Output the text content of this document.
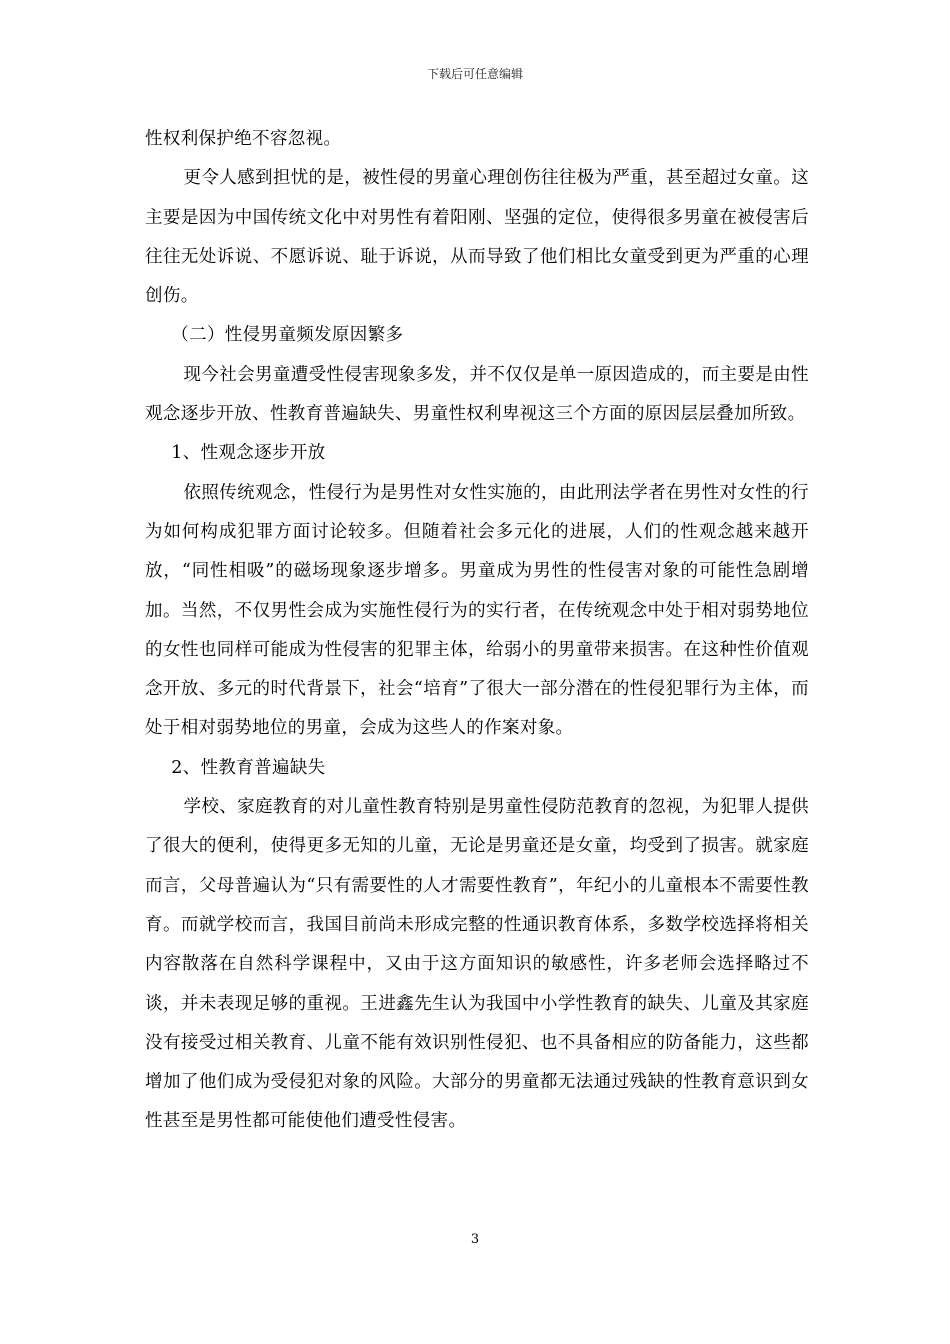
下载后可任意编辑

性权利保护绝不容忽视。

更令人感到担忧的是，被性侵的男童心理创伤往往极为严重，甚至超过女童。这主要是因为中国传统文化中对男性有着阳刚、坚强的定位，使得很多男童在被侵害后往往无处诉说、不愿诉说、耻于诉说，从而导致了他们相比女童受到更为严重的心理创伤。

（二）性侵男童频发原因繁多

现今社会男童遭受性侵害现象多发，并不仅仅是单一原因造成的，而主要是由性观念逐步开放、性教育普遍缺失、男童性权利卑视这三个方面的原因层层叠加所致。

1、性观念逐步开放

依照传统观念，性侵行为是男性对女性实施的，由此刑法学者在男性对女性的行为如何构成犯罪方面讨论较多。但随着社会多元化的进展，人们的性观念越来越开放，“同性相吸”的磁场现象逐步增多。男童成为男性的性侵害对象的可能性急剧增加。当然，不仅男性会成为实施性侵行为的实行者，在传统观念中处于相对弱势地位的女性也同样可能成为性侵害的犯罪主体，给弱小的男童带来损害。在这种性价值观念开放、多元的时代背景下，社会“培育”了很大一部分潜在的性侵犯罪行为主体，而处于相对弱势地位的男童，会成为这些人的作案对象。

2、性教育普遍缺失

学校、家庭教育的对儿童性教育特别是男童性侵防范教育的忽视，为犯罪人提供了很大的便利，使得更多无知的儿童，无论是男童还是女童，均受到了损害。就家庭而言，父母普遍认为“只有需要性的人才需要性教育”，年纪小的儿童根本不需要性教育。而就学校而言，我国目前尚未形成完整的性通识教育体系，多数学校选择将相关内容散落在自然科学课程中，又由于这方面知识的敏感性，许多老师会选择略过不谈，并未表现足够的重视。王进鑫先生认为我国中小学性教育的缺失、儿童及其家庭没有接受过相关教育、儿童不能有效识别性侵犯、也不具备相应的防备能力，这些都增加了他们成为受侵犯对象的风险。大部分的男童都无法通过残缺的性教育意识到女性甚至是男性都可能使他们遭受性侵害。

3
